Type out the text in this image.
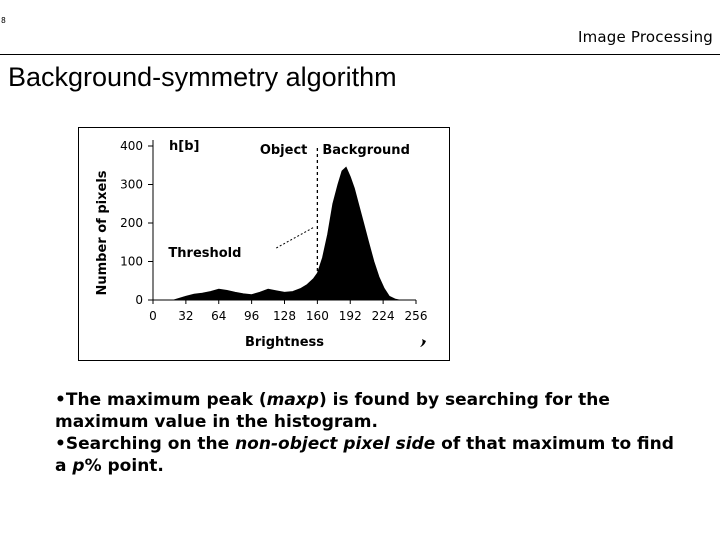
8
Image Processing
Background-symmetry algorithm
0
100
200
300
400
0 32 64 96 128 160 192 224 256
Brightness
Number of pixels
h[b]	Object Background
Threshold

•The maximum peak (maxp) is found by searching for the maximum value in the histogram.

•Searching on the non-object pixel side of that maximum to find a p% point.
